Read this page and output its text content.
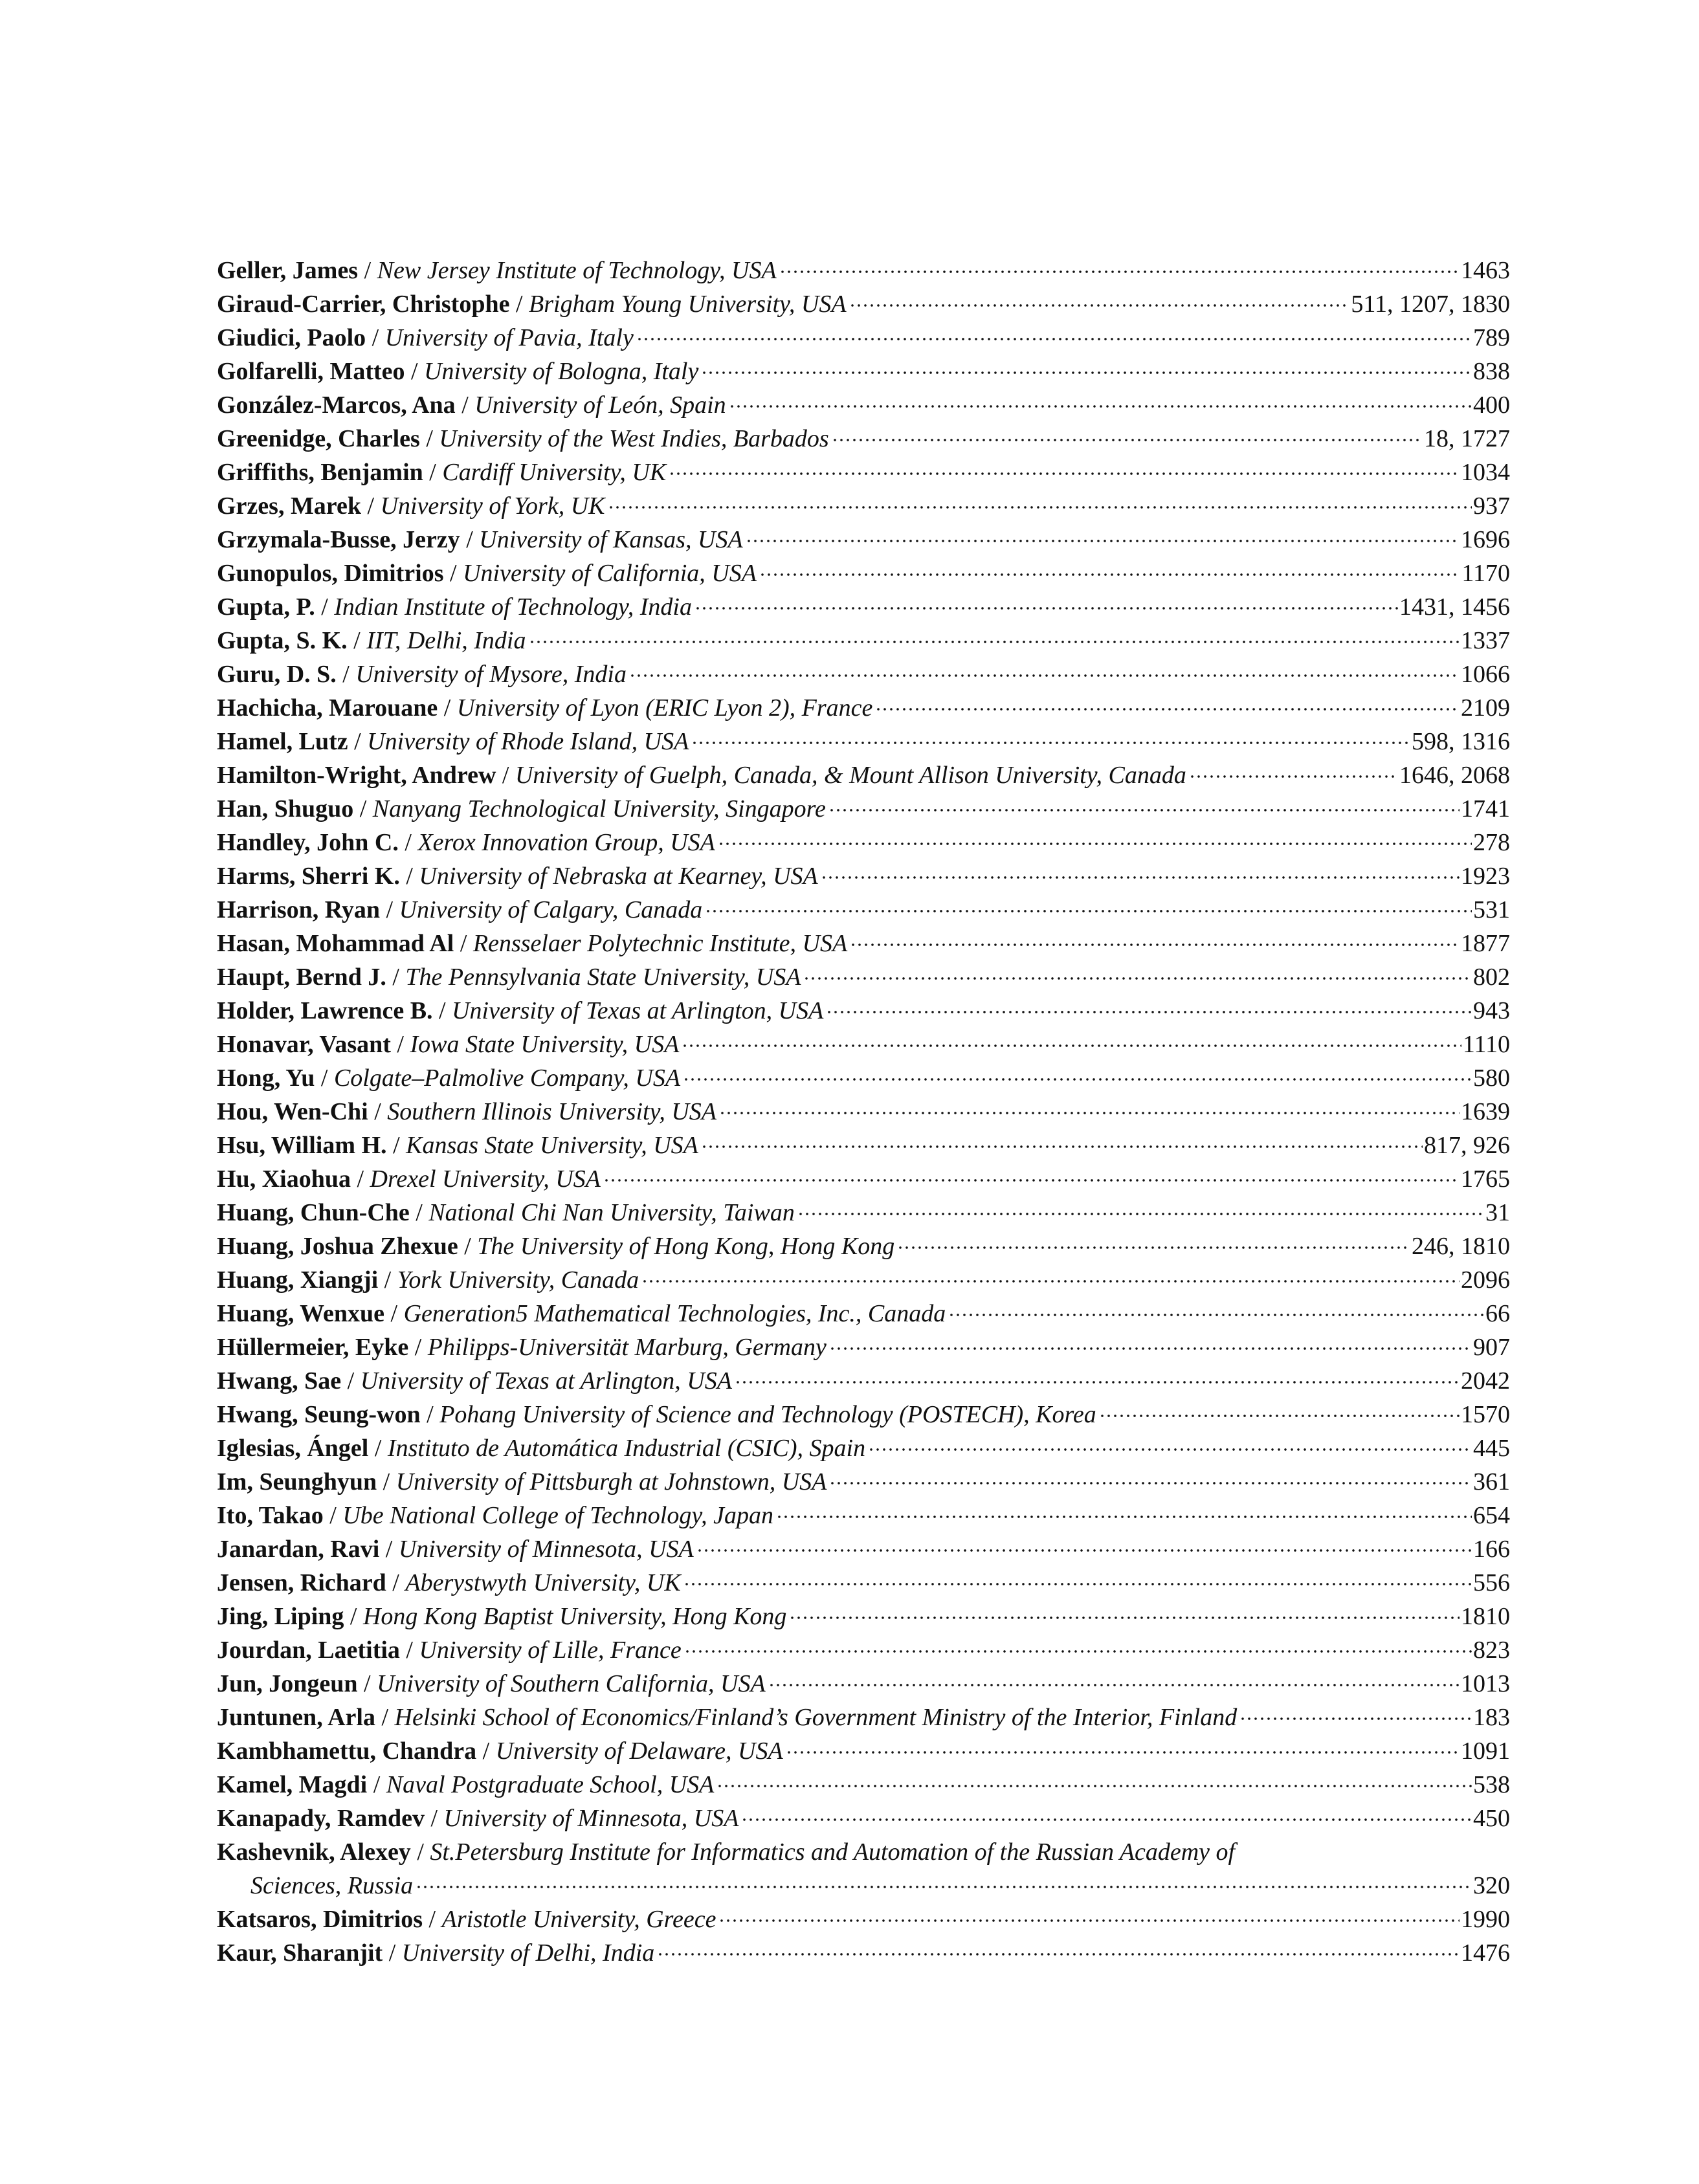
Geller, James / New Jersey Institute of Technology, USA	1463
Giraud-Carrier, Christophe / Brigham Young University, USA	511, 1207, 1830
Giudici, Paolo / University of Pavia, Italy	789
Golfarelli, Matteo / University of Bologna, Italy	838
González-Marcos, Ana / University of León, Spain	400
Greenidge, Charles / University of the West Indies, Barbados	18, 1727
Griffiths, Benjamin / Cardiff University, UK	1034
Grzes, Marek / University of York, UK	937
Grzymala-Busse, Jerzy / University of Kansas, USA	1696
Gunopulos, Dimitrios / University of California, USA	1170
Gupta, P. / Indian Institute of Technology, India	1431, 1456
Gupta, S. K. / IIT, Delhi, India	1337
Guru, D. S. / University of Mysore, India	1066
Hachicha, Marouane / University of Lyon (ERIC Lyon 2), France	2109
Hamel, Lutz / University of Rhode Island, USA	598, 1316
Hamilton-Wright, Andrew / University of Guelph, Canada, & Mount Allison University, Canada	1646, 2068
Han, Shuguo / Nanyang Technological University, Singapore	1741
Handley, John C. / Xerox Innovation Group, USA	278
Harms, Sherri K. / University of Nebraska at Kearney, USA	1923
Harrison, Ryan / University of Calgary, Canada	531
Hasan, Mohammad Al / Rensselaer Polytechnic Institute, USA	1877
Haupt, Bernd J. / The Pennsylvania State University, USA	802
Holder, Lawrence B. / University of Texas at Arlington, USA	943
Honavar, Vasant / Iowa State University, USA	1110
Hong, Yu / Colgate–Palmolive Company, USA	580
Hou, Wen-Chi / Southern Illinois University, USA	1639
Hsu, William H. / Kansas State University, USA	817, 926
Hu, Xiaohua / Drexel University, USA	1765
Huang, Chun-Che / National Chi Nan University, Taiwan	31
Huang, Joshua Zhexue / The University of Hong Kong, Hong Kong	246, 1810
Huang, Xiangji / York University, Canada	2096
Huang, Wenxue / Generation5 Mathematical Technologies, Inc., Canada	66
Hüllermeier, Eyke / Philipps-Universität Marburg, Germany	907
Hwang, Sae / University of Texas at Arlington, USA	2042
Hwang, Seung-won / Pohang University of Science and Technology (POSTECH), Korea	1570
Iglesias, Ángel / Instituto de Automática Industrial (CSIC), Spain	445
Im, Seunghyun / University of Pittsburgh at Johnstown, USA	361
Ito, Takao / Ube National College of Technology, Japan	654
Janardan, Ravi / University of Minnesota, USA	166
Jensen, Richard / Aberystwyth University, UK	556
Jing, Liping / Hong Kong Baptist University, Hong Kong	1810
Jourdan, Laetitia / University of Lille, France	823
Jun, Jongeun / University of Southern California, USA	1013
Juntunen, Arla / Helsinki School of Economics/Finland’s Government Ministry of the Interior, Finland	183
Kambhamettu, Chandra / University of Delaware, USA	1091
Kamel, Magdi / Naval Postgraduate School, USA	538
Kanapady, Ramdev / University of Minnesota, USA	450
Kashevnik, Alexey / St.Petersburg Institute for Informatics and Automation of the Russian Academy of
Sciences, Russia	320
Katsaros, Dimitrios / Aristotle University, Greece	1990
Kaur, Sharanjit / University of Delhi, India	1476
